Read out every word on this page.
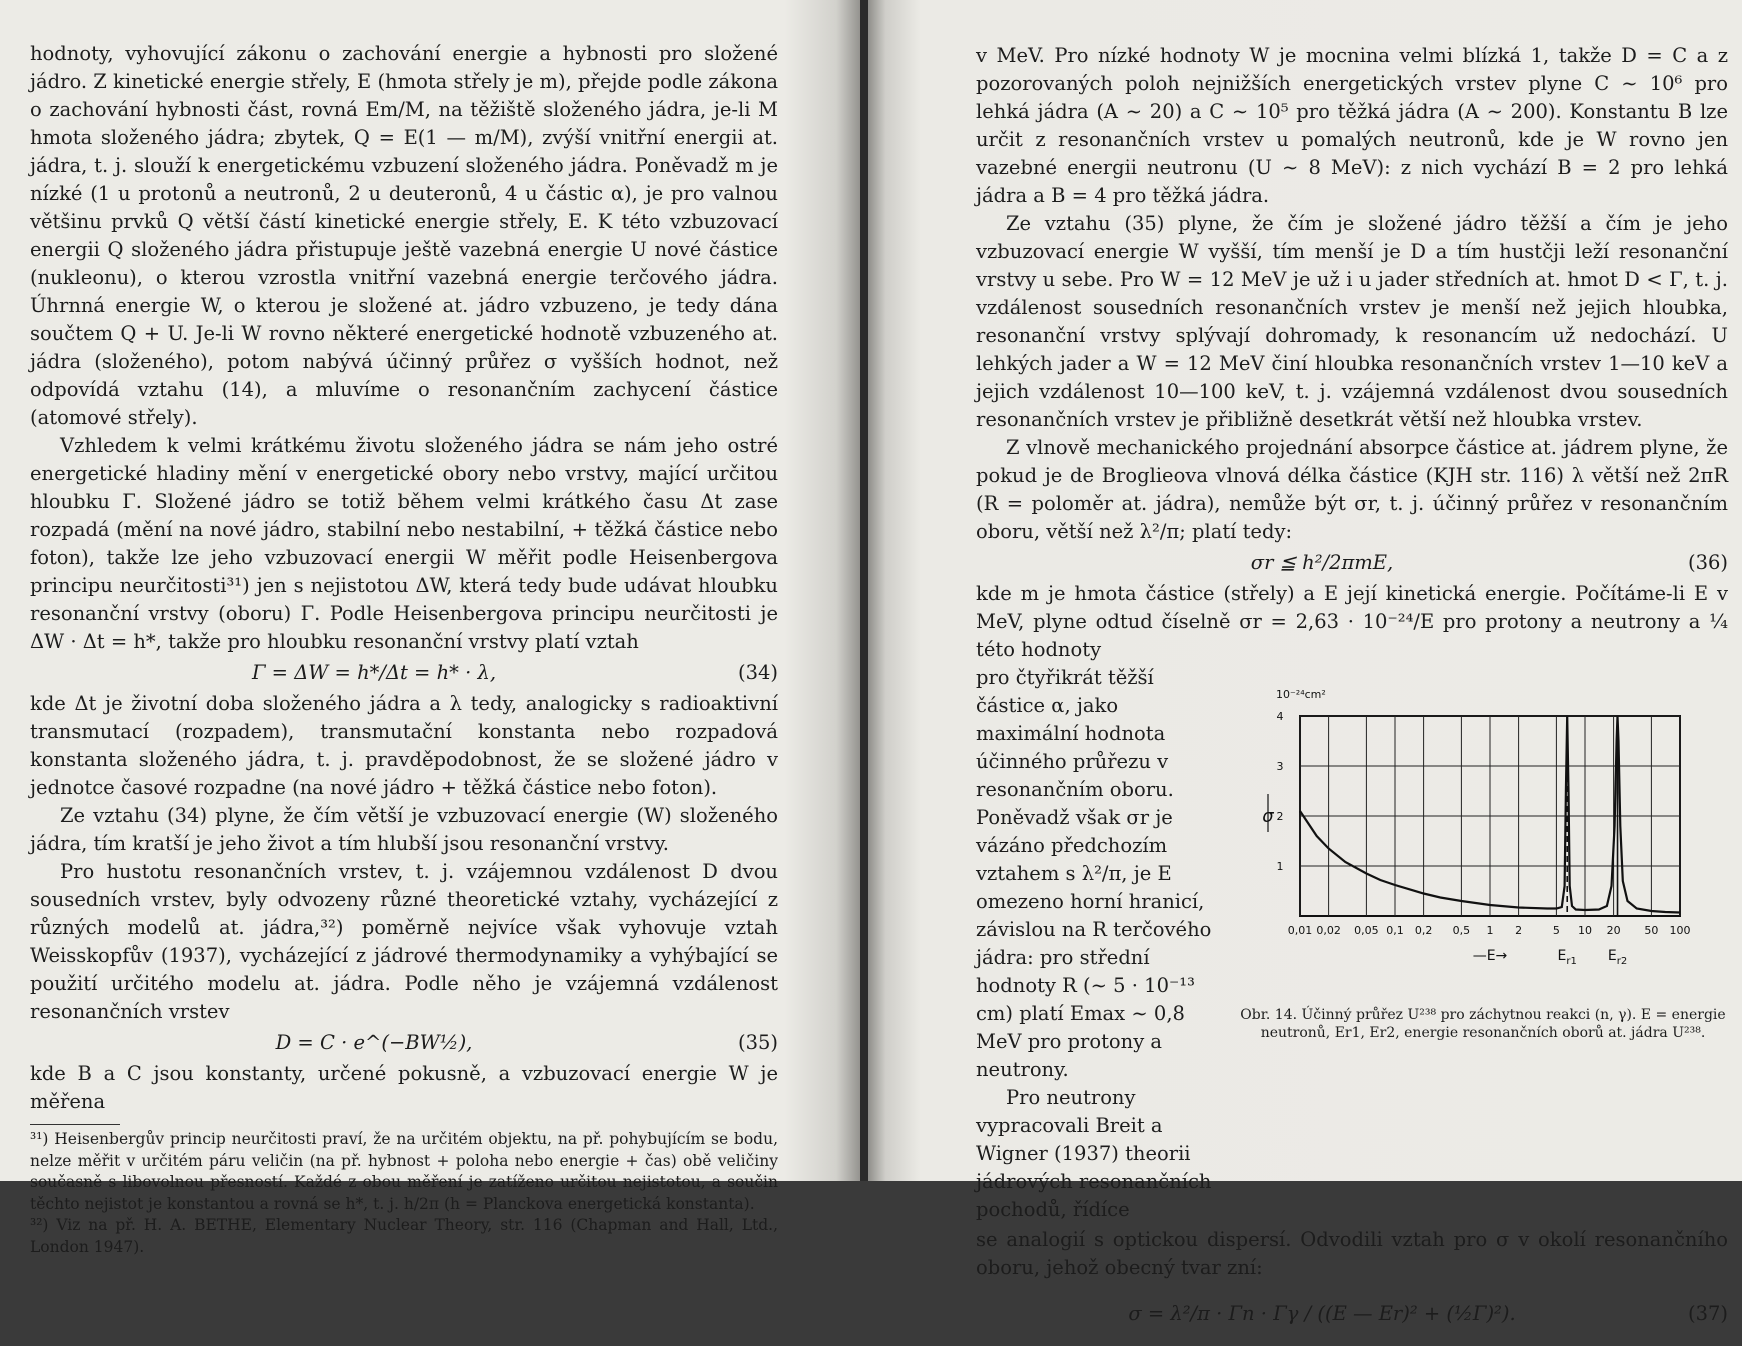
hodnoty, vyhovující zákonu o zachování energie a hybnosti pro složené jádro. Z kinetické energie střely, E (hmota střely je m), přejde podle zákona o zachování hybnosti část, rovná Em/M, na těžiště složeného jádra, je-li M hmota složeného jádra; zbytek, Q = E(1 — m/M), zvýší vnitřní energii at. jádra, t. j. slouží k energetickému vzbuzení složeného jádra. Poněvadž m je nízké (1 u protonů a neutronů, 2 u deuteronů, 4 u částic α), je pro valnou většinu prvků Q větší částí kinetické energie střely, E. K této vzbuzovací energii Q složeného jádra přistupuje ještě vazebná energie U nové částice (nukleonu), o kterou vzrostla vnitřní vazebná energie terčového jádra. Úhrnná energie W, o kterou je složené at. jádro vzbuzeno, je tedy dána součtem Q + U. Je-li W rovno některé energetické hodnotě vzbuzeného at. jádra (složeného), potom nabývá účinný průřez σ vyšších hodnot, než odpovídá vztahu (14), a mluvíme o resonančním zachycení částice (atomové střely).

Vzhledem k velmi krátkému životu složeného jádra se nám jeho ostré energetické hladiny mění v energetické obory nebo vrstvy, mající určitou hloubku Γ. Složené jádro se totiž během velmi krátkého času Δt zase rozpadá (mění na nové jádro, stabilní nebo nestabilní, + těžká částice nebo foton), takže lze jeho vzbuzovací energii W měřit podle Heisenbergova principu neurčitosti³¹) jen s nejistotou ΔW, která tedy bude udávat hloubku resonanční vrstvy (oboru) Γ. Podle Heisenbergova principu neurčitosti je ΔW · Δt = h*, takže pro hloubku resonanční vrstvy platí vztah

Γ = ΔW = h*/Δt = h* · λ,	(34)

kde Δt je životní doba složeného jádra a λ tedy, analogicky s radioaktivní transmutací (rozpadem), transmutační konstanta nebo rozpadová konstanta složeného jádra, t. j. pravděpodobnost, že se složené jádro v jednotce časové rozpadne (na nové jádro + těžká částice nebo foton).

Ze vztahu (34) plyne, že čím větší je vzbuzovací energie (W) složeného jádra, tím kratší je jeho život a tím hlubší jsou resonanční vrstvy.

Pro hustotu resonančních vrstev, t. j. vzájemnou vzdálenost D dvou sousedních vrstev, byly odvozeny různé theoretické vztahy, vycházející z různých modelů at. jádra,³²) poměrně nejvíce však vyhovuje vztah Weisskopfův (1937), vycházející z jádrové thermodynamiky a vyhýbající se použití určitého modelu at. jádra. Podle něho je vzájemná vzdálenost resonančních vrstev

D = C · e^(−BW½),	(35)

kde B a C jsou konstanty, určené pokusně, a vzbuzovací energie W je měřena

³¹) Heisenbergův princip neurčitosti praví, že na určitém objektu, na př. pohybujícím se bodu, nelze měřit v určitém páru veličin (na př. hybnost + poloha nebo energie + čas) obě veličiny současně s libovolnou přesností. Každé z obou měření je zatíženo určitou nejistotou, a součin těchto nejistot je konstantou a rovná se h*, t. j. h/2π (h = Planckova energetická konstanta).

³²) Viz na př. H. A. BETHE, Elementary Nuclear Theory, str. 116 (Chapman and Hall, Ltd., London 1947).

v MeV. Pro nízké hodnoty W je mocnina velmi blízká 1, takže D = C a z pozorovaných poloh nejnižších energetických vrstev plyne C ∼ 10⁶ pro lehká jádra (A ∼ 20) a C ∼ 10⁵ pro těžká jádra (A ∼ 200). Konstantu B lze určit z resonančních vrstev u pomalých neutronů, kde je W rovno jen vazebné energii neutronu (U ∼ 8 MeV): z nich vychází B = 2 pro lehká jádra a B = 4 pro těžká jádra.

Ze vztahu (35) plyne, že čím je složené jádro těžší a čím je jeho vzbuzovací energie W vyšší, tím menší je D a tím hustčji leží resonanční vrstvy u sebe. Pro W = 12 MeV je už i u jader středních at. hmot D < Γ, t. j. vzdálenost sousedních resonančních vrstev je menší než jejich hloubka, resonanční vrstvy splývají dohromady, k resonancím už nedochází. U lehkých jader a W = 12 MeV činí hloubka resonančních vrstev 1—10 keV a jejich vzdálenost 10—100 keV, t. j. vzájemná vzdálenost dvou sousedních resonančních vrstev je přibližně desetkrát větší než hloubka vrstev.

Z vlnově mechanického projednání absorpce částice at. jádrem plyne, že pokud je de Broglieova vlnová délka částice (KJH str. 116) λ větší než 2πR (R = poloměr at. jádra), nemůže být σr, t. j. účinný průřez v resonančním oboru, větší než λ²/π; platí tedy:

σr ≦ h²/2πmE,	(36)

kde m je hmota částice (střely) a E její kinetická energie. Počítáme-li E v MeV, plyne odtud číselně σr = 2,63 · 10⁻²⁴/E pro protony a neutrony a ¼ této hodnoty

pro čtyřikrát těžší částice α, jako maximální hodnota účinného průřezu v resonančním oboru. Poněvadž však σr je vázáno předchozím vztahem s λ²/π, je E omezeno horní hranicí, závislou na R terčového jádra: pro střední hodnoty R (∼ 5 · 10⁻¹³ cm) platí Emax ∼ 0,8 MeV pro protony a neutrony.

Pro neutrony vypracovali Breit a Wigner (1937) theorii jádrových resonančních pochodů, řídíce

0,01 0,02 0,05 0,1 0,2 0,5 1 2	5 10 20 50 100
1
2
3
4
10⁻²⁴cm²
σ
—E→	$E_{r1}$ $E_{r2}$
Obr. 14. Účinný průřez U²³⁸ pro záchytnou reakci (n, γ). E = energie neutronů, Er1, Er2, energie resonančních oborů at. jádra U²³⁸.

se analogií s optickou dispersí. Odvodili vztah pro σ v okolí resonančního oboru, jehož obecný tvar zní:

σ = λ²/π · Γn · Γγ / ((E — Er)² + (½Γ)²).	(37)
